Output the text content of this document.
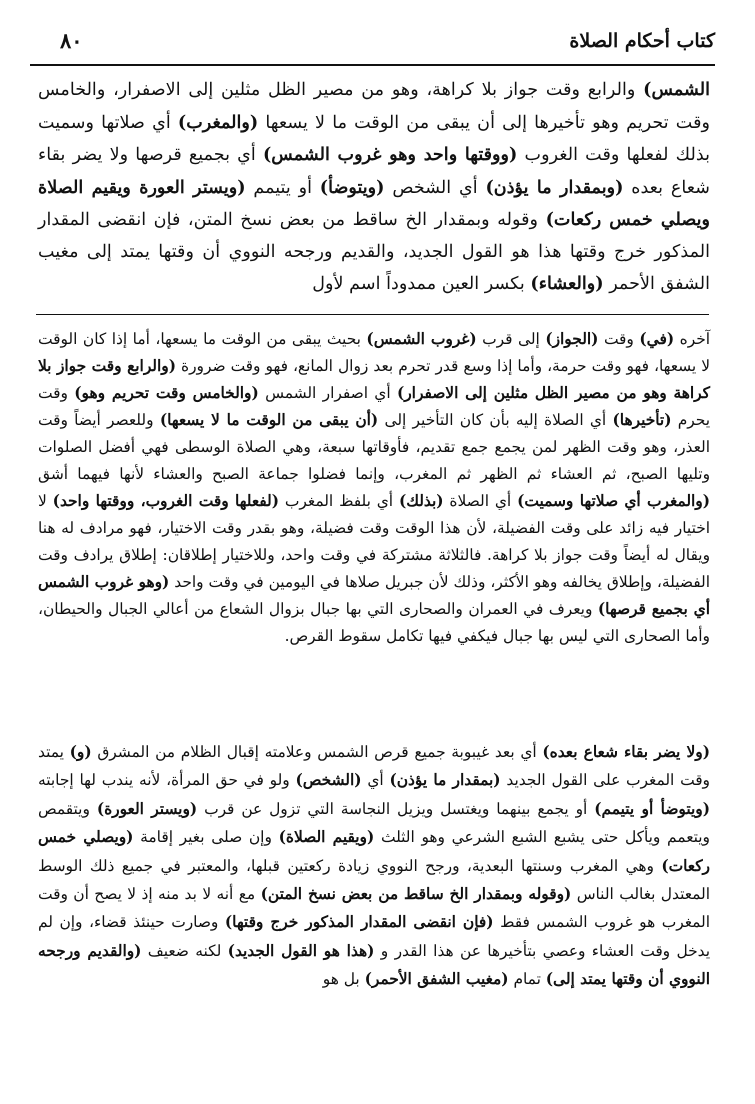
كتاب أحكام الصلاة
٨٠

الشمس) والرابع وقت جواز بلا كراهة، وهو من مصير الظل مثلين إلى الاصفرار، والخامس وقت تحريم وهو تأخيرها إلى أن يبقى من الوقت ما لا يسعها (والمغرب) أي صلاتها وسميت بذلك لفعلها وقت الغروب (ووقتها واحد وهو غروب الشمس) أي بجميع قرصها ولا يضر بقاء شعاع بعده (وبمقدار ما يؤذن) أي الشخص (ويتوضأ) أو يتيمم (ويستر العورة ويقيم الصلاة ويصلي خمس ركعات) وقوله وبمقدار الخ ساقط من بعض نسخ المتن، فإن انقضى المقدار المذكور خرج وقتها هذا هو القول الجديد، والقديم ورجحه النووي أن وقتها يمتد إلى مغيب الشفق الأحمر (والعشاء) بكسر العين ممدوداً اسم لأول

آخره (في) وقت (الجواز) إلى قرب (غروب الشمس) بحيث يبقى من الوقت ما يسعها، أما إذا كان الوقت لا يسعها، فهو وقت حرمة، وأما إذا وسع قدر تحرم بعد زوال المانع، فهو وقت ضرورة (والرابع وقت جواز بلا كراهة وهو من مصير الظل مثلين إلى الاصفرار) أي اصفرار الشمس (والخامس وقت تحريم وهو) وقت يحرم (تأخيرها) أي الصلاة إليه بأن كان التأخير إلى (أن يبقى من الوقت ما لا يسعها) وللعصر أيضاً وقت العذر، وهو وقت الظهر لمن يجمع جمع تقديم، فأوقاتها سبعة، وهي الصلاة الوسطى فهي أفضل الصلوات وتليها الصبح، ثم العشاء ثم الظهر ثم المغرب، وإنما فضلوا جماعة الصبح والعشاء لأنها فيهما أشق (والمغرب أي صلاتها وسميت) أي الصلاة (بذلك) أي بلفظ المغرب (لفعلها وقت الغروب، ووقتها واحد) لا اختيار فيه زائد على وقت الفضيلة، لأن هذا الوقت وقت فضيلة، وهو بقدر وقت الاختيار، فهو مرادف له هنا ويقال له أيضاً وقت جواز بلا كراهة. فالثلاثة مشتركة في وقت واحد، وللاختيار إطلاقان: إطلاق يرادف وقت الفضيلة، وإطلاق يخالفه وهو الأكثر، وذلك لأن جبريل صلاها في اليومين في وقت واحد (وهو غروب الشمس أي بجميع قرصها) ويعرف في العمران والصحارى التي بها جبال بزوال الشعاع من أعالي الجبال والحيطان، وأما الصحارى التي ليس بها جبال فيكفي فيها تكامل سقوط القرص.

(ولا يضر بقاء شعاع بعده) أي بعد غيبوبة جميع قرص الشمس وعلامته إقبال الظلام من المشرق (و) يمتد وقت المغرب على القول الجديد (بمقدار ما يؤذن) أي (الشخص) ولو في حق المرأة، لأنه يندب لها إجابته (ويتوضأ أو يتيمم) أو يجمع بينهما ويغتسل ويزيل النجاسة التي تزول عن قرب (ويستر العورة) ويتقمص ويتعمم ويأكل حتى يشبع الشبع الشرعي وهو الثلث (ويقيم الصلاة) وإن صلى بغير إقامة (ويصلي خمس ركعات) وهي المغرب وسنتها البعدية، ورجح النووي زيادة ركعتين قبلها، والمعتبر في جميع ذلك الوسط المعتدل بغالب الناس (وقوله وبمقدار الخ ساقط من بعض نسخ المتن) مع أنه لا بد منه إذ لا يصح أن وقت المغرب هو غروب الشمس فقط (فإن انقضى المقدار المذكور خرج وقتها) وصارت حينئذ قضاء، وإن لم يدخل وقت العشاء وعصي بتأخيرها عن هذا القدر و (هذا هو القول الجديد) لكنه ضعيف (والقديم ورجحه النووي أن وقتها يمتد إلى) تمام (مغيب الشفق الأحمر) بل هو
